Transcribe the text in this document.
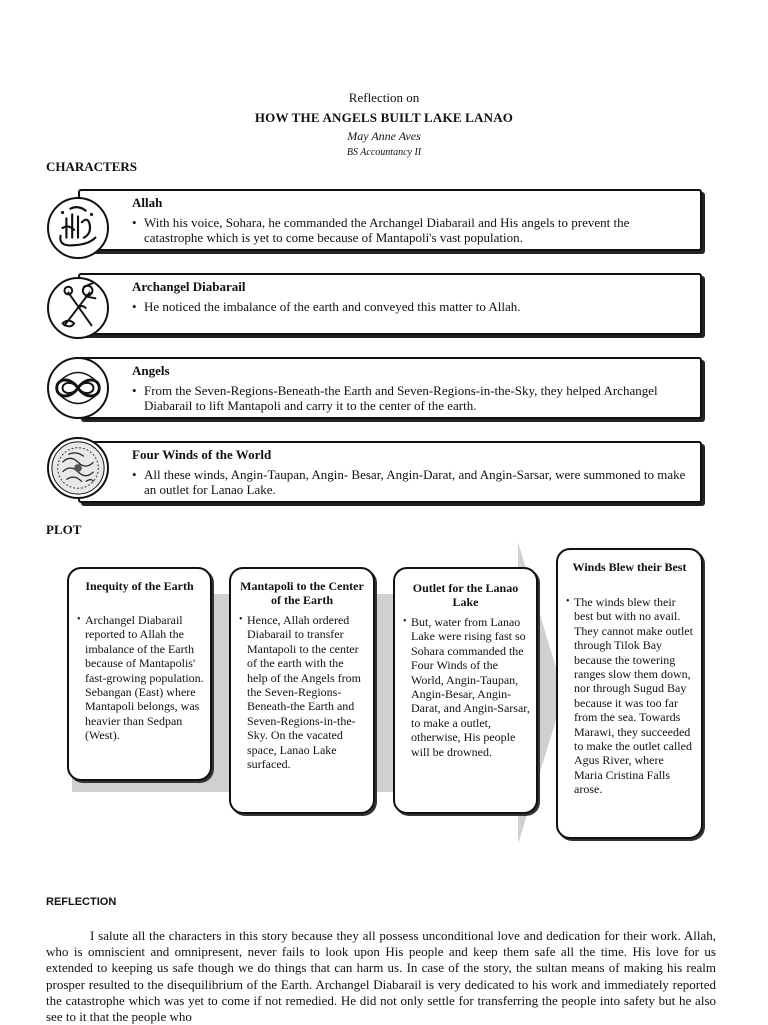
Reflection on
HOW THE ANGELS BUILT LAKE LANAO
May Anne Aves
BS Accountancy II
CHARACTERS
Allah
• With his voice, Sohara, he commanded the Archangel Diabarail and His angels to prevent the catastrophe which is yet to come because of Mantapoli's vast population.
Archangel Diabarail
• He noticed the imbalance of the earth and conveyed this matter to Allah.
Angels
• From the Seven-Regions-Beneath-the Earth and Seven-Regions-in-the-Sky, they helped Archangel Diabarail to lift Mantapoli and carry it to the center of the earth.
Four Winds of the World
• All these winds, Angin-Taupan, Angin- Besar, Angin-Darat, and Angin-Sarsar, were summoned to make an outlet for Lanao Lake.
PLOT
Inequity of the Earth
• Archangel Diabarail reported to Allah the imbalance of the Earth because of Mantapolis' fast-growing population. Sebangan (East) where Mantapoli belongs, was heavier than Sedpan (West).
Mantapoli to the Center of the Earth
• Hence, Allah ordered Diabarail to transfer Mantapoli to the center of the earth with the help of the Angels from the Seven-Regions-Beneath-the Earth and Seven-Regions-in-the-Sky. On the vacated space, Lanao Lake surfaced.
Outlet for the Lanao Lake
• But, water from Lanao Lake were rising fast so Sohara commanded the Four Winds of the World, Angin-Taupan, Angin-Besar, Angin-Darat, and Angin-Sarsar, to make a outlet, otherwise, His people will be drowned.
Winds Blew their Best
• The winds blew their best but with no avail. They cannot make outlet through Tilok Bay because the towering ranges slow them down, nor through Sugud Bay because it was too far from the sea. Towards Marawi, they succeeded to make the outlet called Agus River, where Maria Cristina Falls arose.
REFLECTION
I salute all the characters in this story because they all possess unconditional love and dedication for their work. Allah, who is omniscient and omnipresent, never fails to look upon His people and keep them safe all the time. His love for us extended to keeping us safe though we do things that can harm us. In case of the story, the sultan means of making his realm prosper resulted to the disequilibrium of the Earth. Archangel Diabarail is very dedicated to his work and immediately reported the catastrophe which was yet to come if not remedied. He did not only settle for transferring the people into safety but he also see to it that the people who
